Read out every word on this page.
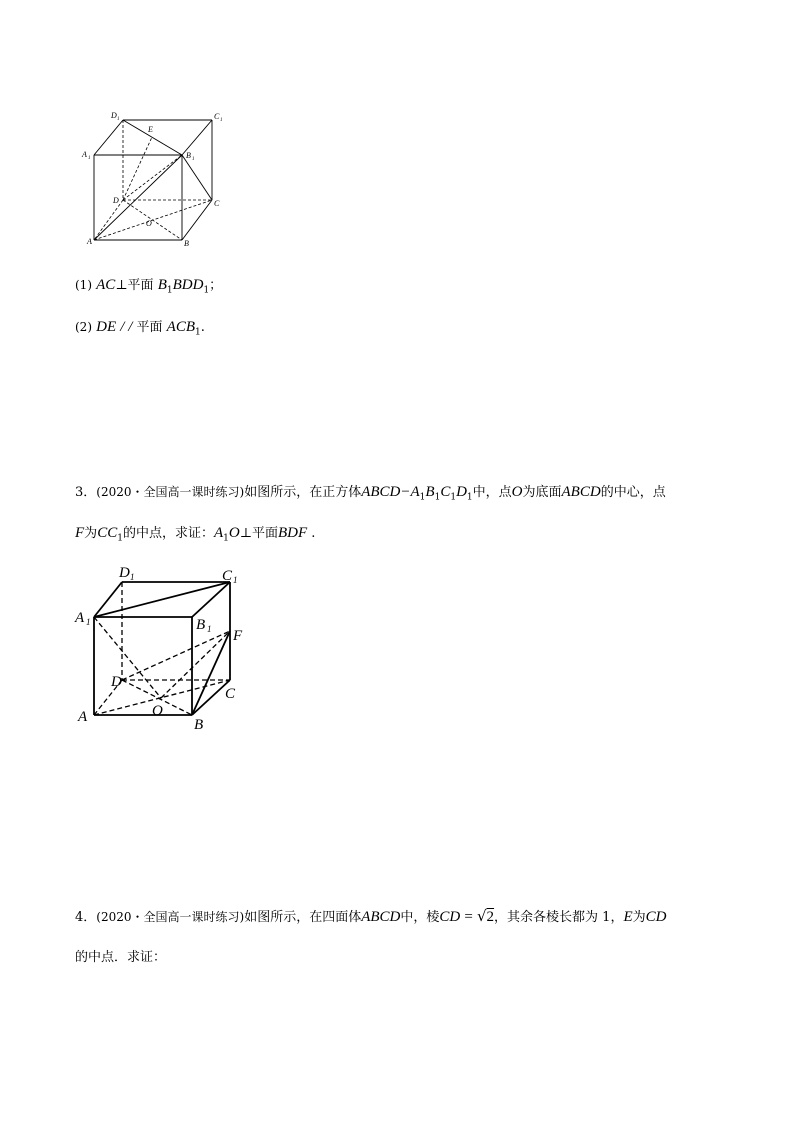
D 1	C 1
A 1	B 1
E
D	C
O
A	B
(1) AC⊥平面 $B_1BDD_1$；
(2) DE / / 平面 $ACB_1$.
3．(2020・全国高一课时练习)如图所示，在正方体$ABCD-A_1B_1C_1D_1$中，点O为底面ABCD的中心，点
F为$CC_1$的中点，求证：$A_1O\perp$平面BDF .
D 1	C 1
A 1	B 1 F
D
C
O
A	B
4．(2020・全国高一课时练习)如图所示，在四面体ABCD中，棱CD = √2，其余各棱长都为 1，E为CD
的中点．求证：
